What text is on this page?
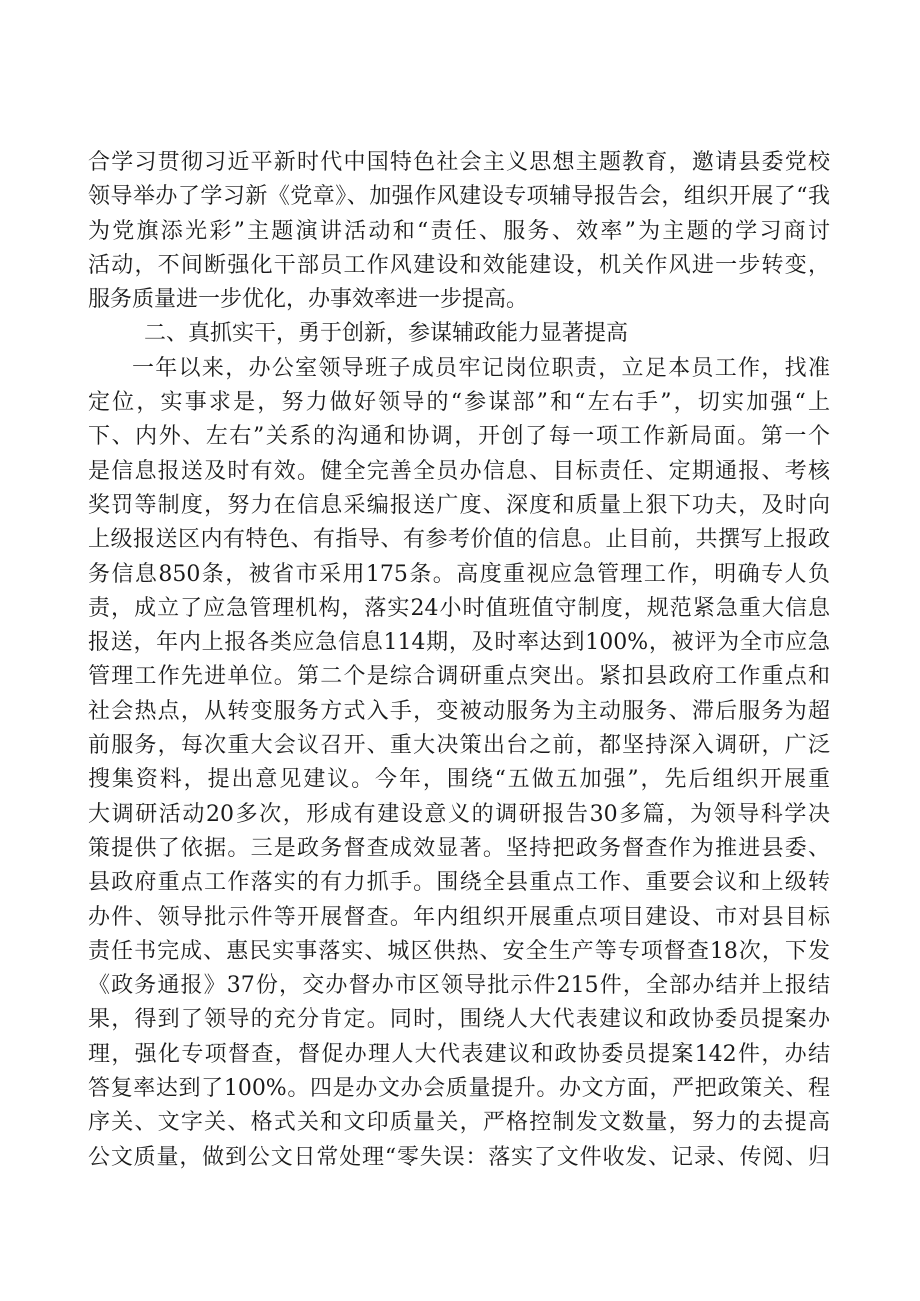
合学习贯彻习近平新时代中国特色社会主义思想主题教育，邀请县委党校
领导举办了学习新《党章》、加强作风建设专项辅导报告会，组织开展了“我
为党旗添光彩”主题演讲活动和“责任、服务、效率”为主题的学习商讨
活动，不间断强化干部员工作风建设和效能建设，机关作风进一步转变，
服务质量进一步优化，办事效率进一步提高。
二、真抓实干，勇于创新，参谋辅政能力显著提高
一年以来，办公室领导班子成员牢记岗位职责，立足本员工作，找准
定位，实事求是，努力做好领导的“参谋部”和“左右手”，切实加强“上
下、内外、左右”关系的沟通和协调，开创了每一项工作新局面。第一个
是信息报送及时有效。健全完善全员办信息、目标责任、定期通报、考核
奖罚等制度，努力在信息采编报送广度、深度和质量上狠下功夫，及时向
上级报送区内有特色、有指导、有参考价值的信息。止目前，共撰写上报政
务信息850条，被省市采用175条。高度重视应急管理工作，明确专人负
责，成立了应急管理机构，落实24小时值班值守制度，规范紧急重大信息
报送，年内上报各类应急信息114期，及时率达到100%，被评为全市应急
管理工作先进单位。第二个是综合调研重点突出。紧扣县政府工作重点和
社会热点，从转变服务方式入手，变被动服务为主动服务、滞后服务为超
前服务，每次重大会议召开、重大决策出台之前，都坚持深入调研，广泛
搜集资料，提出意见建议。今年，围绕“五做五加强”，先后组织开展重
大调研活动20多次，形成有建设意义的调研报告30多篇，为领导科学决
策提供了依据。三是政务督查成效显著。坚持把政务督查作为推进县委、
县政府重点工作落实的有力抓手。围绕全县重点工作、重要会议和上级转
办件、领导批示件等开展督查。年内组织开展重点项目建设、市对县目标
责任书完成、惠民实事落实、城区供热、安全生产等专项督查18次，下发
《政务通报》37份，交办督办市区领导批示件215件，全部办结并上报结
果，得到了领导的充分肯定。同时，围绕人大代表建议和政协委员提案办
理，强化专项督查，督促办理人大代表建议和政协委员提案142件，办结
答复率达到了100%。四是办文办会质量提升。办文方面，严把政策关、程
序关、文字关、格式关和文印质量关，严格控制发文数量，努力的去提高
公文质量，做到公文日常处理“零失误：落实了文件收发、记录、传阅、归
